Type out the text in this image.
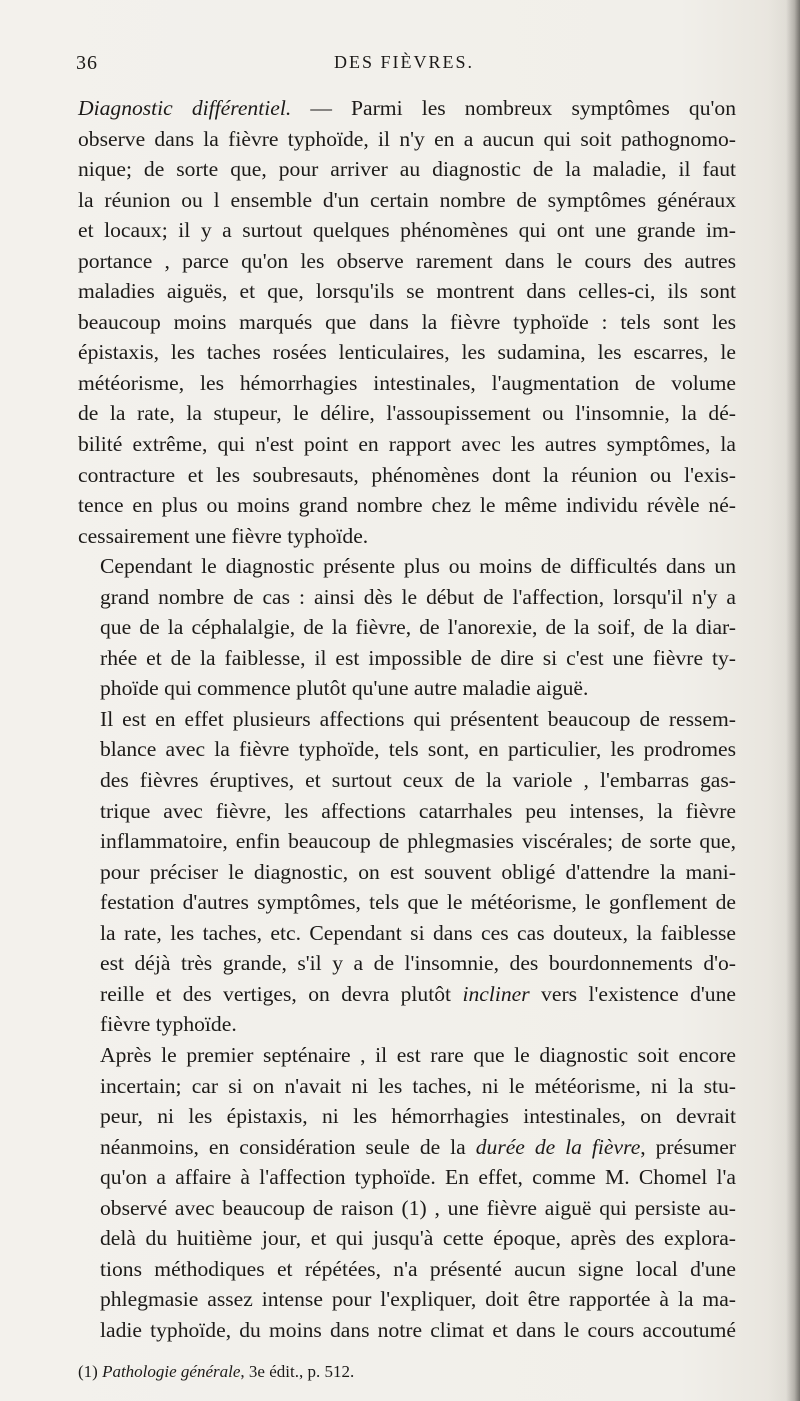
36	DES FIÈVRES.

Diagnostic différentiel. — Parmi les nombreux symptômes qu'on
observe dans la fièvre typhoïde, il n'y en a aucun qui soit pathognomo-
nique; de sorte que, pour arriver au diagnostic de la maladie, il faut
la réunion ou l ensemble d'un certain nombre de symptômes généraux
et locaux; il y a surtout quelques phénomènes qui ont une grande im-
portance , parce qu'on les observe rarement dans le cours des autres
maladies aiguës, et que, lorsqu'ils se montrent dans celles-ci, ils sont
beaucoup moins marqués que dans la fièvre typhoïde : tels sont les
épistaxis, les taches rosées lenticulaires, les sudamina, les escarres, le
météorisme, les hémorrhagies intestinales, l'augmentation de volume
de la rate, la stupeur, le délire, l'assoupissement ou l'insomnie, la dé-
bilité extrême, qui n'est point en rapport avec les autres symptômes, la
contracture et les soubresauts, phénomènes dont la réunion ou l'exis-
tence en plus ou moins grand nombre chez le même individu révèle né-
cessairement une fièvre typhoïde.

Cependant le diagnostic présente plus ou moins de difficultés dans un
grand nombre de cas : ainsi dès le début de l'affection, lorsqu'il n'y a
que de la céphalalgie, de la fièvre, de l'anorexie, de la soif, de la diar-
rhée et de la faiblesse, il est impossible de dire si c'est une fièvre ty-
phoïde qui commence plutôt qu'une autre maladie aiguë.

Il est en effet plusieurs affections qui présentent beaucoup de ressem-
blance avec la fièvre typhoïde, tels sont, en particulier, les prodromes
des fièvres éruptives, et surtout ceux de la variole , l'embarras gas-
trique avec fièvre, les affections catarrhales peu intenses, la fièvre
inflammatoire, enfin beaucoup de phlegmasies viscérales; de sorte que,
pour préciser le diagnostic, on est souvent obligé d'attendre la mani-
festation d'autres symptômes, tels que le météorisme, le gonflement de
la rate, les taches, etc. Cependant si dans ces cas douteux, la faiblesse
est déjà très grande, s'il y a de l'insomnie, des bourdonnements d'o-
reille et des vertiges, on devra plutôt incliner vers l'existence d'une
fièvre typhoïde.

Après le premier septénaire , il est rare que le diagnostic soit encore
incertain; car si on n'avait ni les taches, ni le météorisme, ni la stu-
peur, ni les épistaxis, ni les hémorrhagies intestinales, on devrait
néanmoins, en considération seule de la durée de la fièvre, présumer
qu'on a affaire à l'affection typhoïde. En effet, comme M. Chomel l'a
observé avec beaucoup de raison (1) , une fièvre aiguë qui persiste au-
delà du huitième jour, et qui jusqu'à cette époque, après des explora-
tions méthodiques et répétées, n'a présenté aucun signe local d'une
phlegmasie assez intense pour l'expliquer, doit être rapportée à la ma-
ladie typhoïde, du moins dans notre climat et dans le cours accoutumé

(1) Pathologie générale, 3e édit., p. 512.
